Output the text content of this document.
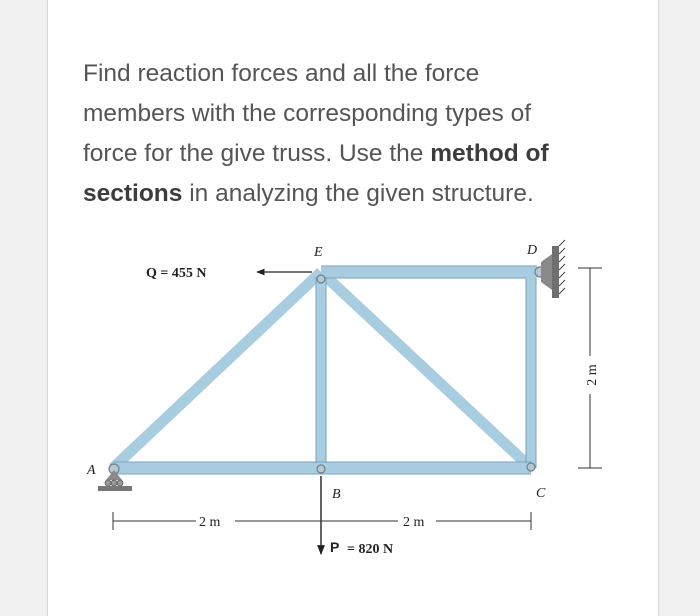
Find reaction forces and all the force

members with the corresponding types of

force for the give truss. Use the method of

sections in analyzing the given structure.

A
B	C
D
E
Q = 455 N
P = 820 N
2 m	2 m
2 m
